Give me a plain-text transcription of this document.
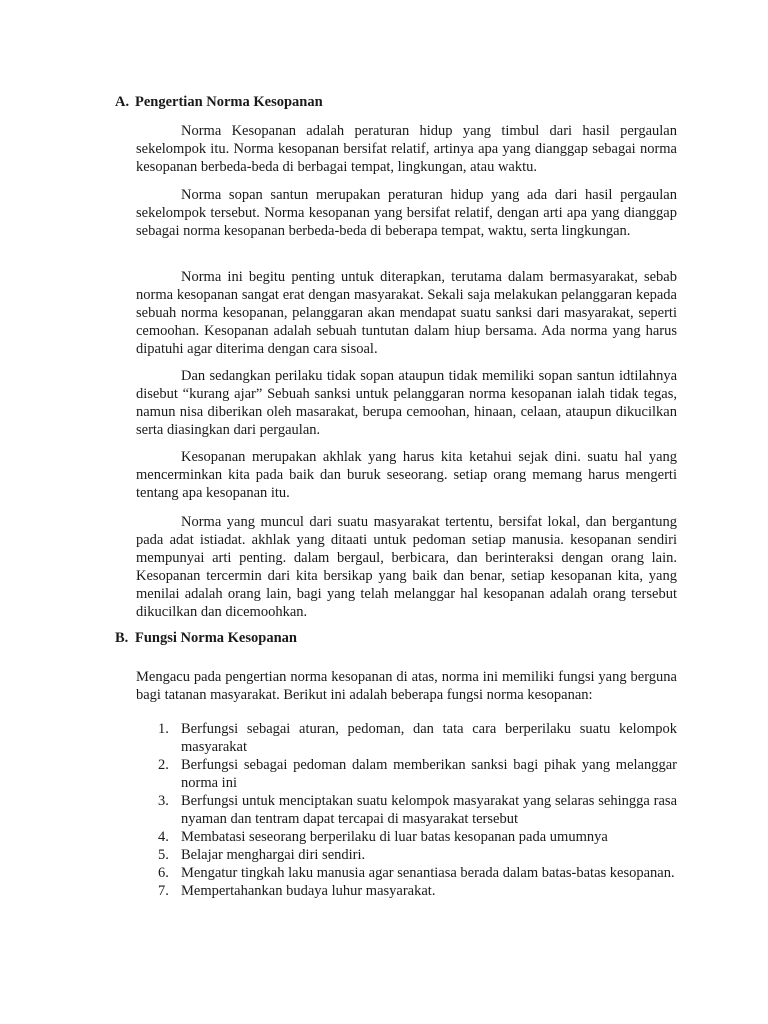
A. Pengertian Norma Kesopanan

Norma Kesopanan adalah peraturan hidup yang timbul dari hasil pergaulan sekelompok itu. Norma kesopanan bersifat relatif, artinya apa yang dianggap sebagai norma kesopanan berbeda-beda di berbagai tempat, lingkungan, atau waktu.

Norma sopan santun merupakan peraturan hidup yang ada dari hasil pergaulan sekelompok tersebut. Norma kesopanan yang bersifat relatif, dengan arti apa yang dianggap sebagai norma kesopanan berbeda-beda di beberapa tempat, waktu, serta lingkungan.

Norma ini begitu penting untuk diterapkan, terutama dalam bermasyarakat, sebab norma kesopanan sangat erat dengan masyarakat. Sekali saja melakukan pelanggaran kepada sebuah norma kesopanan, pelanggaran akan mendapat suatu sanksi dari masyarakat, seperti cemoohan. Kesopanan adalah sebuah tuntutan dalam hiup bersama. Ada norma yang harus dipatuhi agar diterima dengan cara sisoal.

Dan sedangkan perilaku tidak sopan ataupun tidak memiliki sopan santun idtilahnya disebut “kurang ajar” Sebuah sanksi untuk pelanggaran norma kesopanan ialah tidak tegas, namun nisa diberikan oleh masarakat, berupa cemoohan, hinaan, celaan, ataupun dikucilkan serta diasingkan dari pergaulan.

Kesopanan merupakan akhlak yang harus kita ketahui sejak dini. suatu hal yang mencerminkan kita pada baik dan buruk seseorang. setiap orang memang harus mengerti tentang apa kesopanan itu.

Norma yang muncul dari suatu masyarakat tertentu, bersifat lokal, dan bergantung pada adat istiadat. akhlak yang ditaati untuk pedoman setiap manusia. kesopanan sendiri mempunyai arti penting. dalam bergaul, berbicara, dan berinteraksi dengan orang lain. Kesopanan tercermin dari kita bersikap yang baik dan benar, setiap kesopanan kita, yang menilai adalah orang lain, bagi yang telah melanggar hal kesopanan adalah orang tersebut dikucilkan dan dicemoohkan.

B. Fungsi Norma Kesopanan

Mengacu pada pengertian norma kesopanan di atas, norma ini memiliki fungsi yang berguna bagi tatanan masyarakat. Berikut ini adalah beberapa fungsi norma kesopanan:

1. Berfungsi sebagai aturan, pedoman, dan tata cara berperilaku suatu kelompok masyarakat
2. Berfungsi sebagai pedoman dalam memberikan sanksi bagi pihak yang melanggar norma ini
3. Berfungsi untuk menciptakan suatu kelompok masyarakat yang selaras sehingga rasa nyaman dan tentram dapat tercapai di masyarakat tersebut
4. Membatasi seseorang berperilaku di luar batas kesopanan pada umumnya
5. Belajar menghargai diri sendiri.
6. Mengatur tingkah laku manusia agar senantiasa berada dalam batas-batas kesopanan.
7. Mempertahankan budaya luhur masyarakat.
